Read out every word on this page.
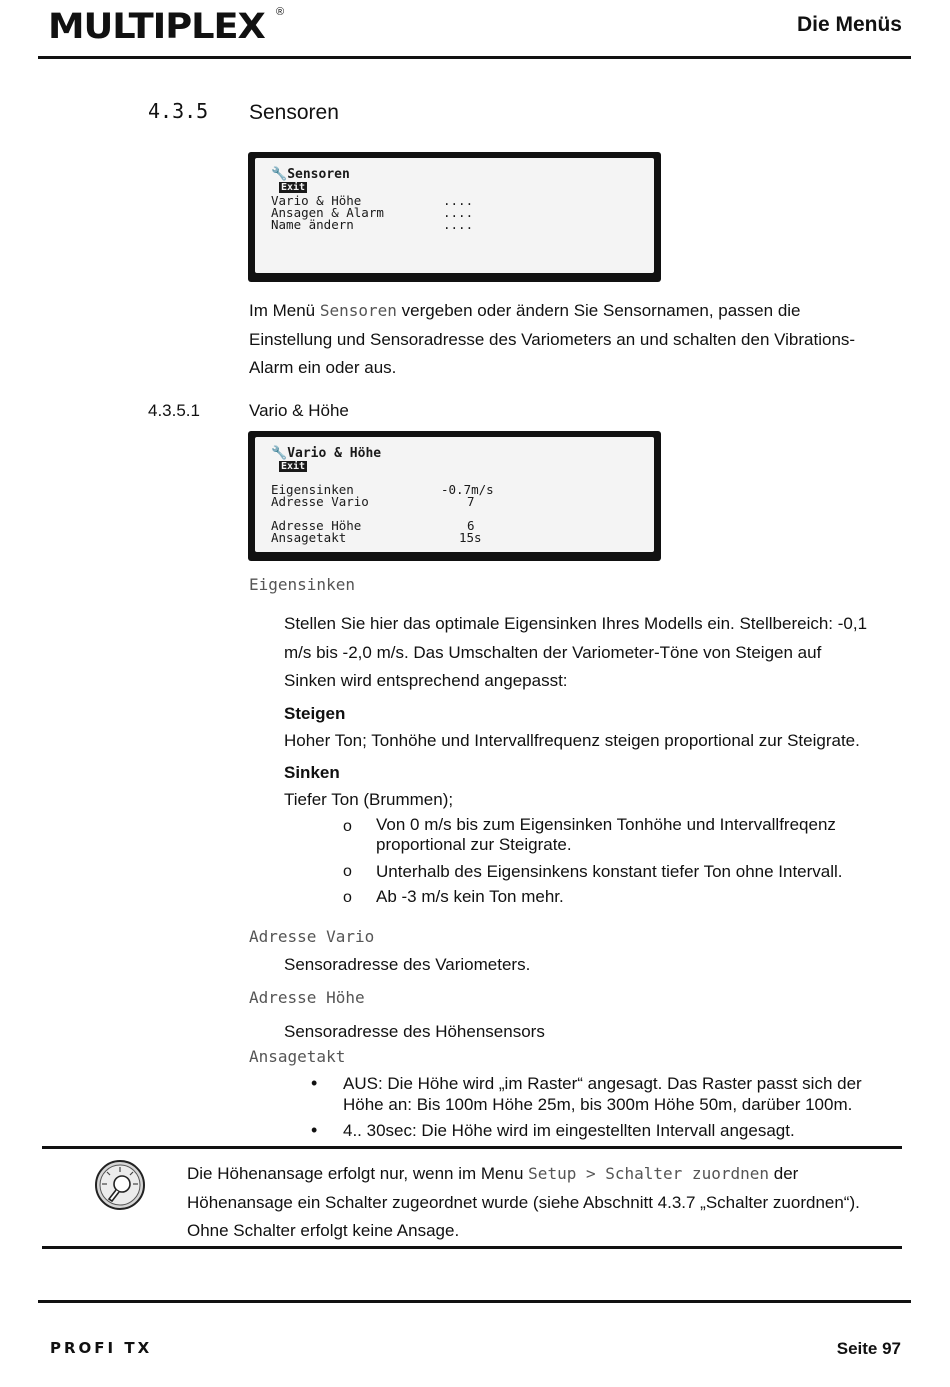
MULTIPLEX ®
Die Menüs
4.3.5 Sensoren
🔧Sensoren
Exit
Vario & Höhe	....
Ansagen & Alarm	....
Name ändern	....
Im Menü Sensoren vergeben oder ändern Sie Sensornamen, passen die
Einstellung und Sensoradresse des Variometers an und schalten den Vibrations-
Alarm ein oder aus.
4.3.5.1	Vario & Höhe
🔧Vario & Höhe
Exit
Eigensinken	-0.7m/s
Adresse Vario	7
Adresse Höhe	6
Ansagetakt	15s
Eigensinken
Stellen Sie hier das optimale Eigensinken Ihres Modells ein. Stellbereich: -0,1
m/s bis -2,0 m/s. Das Umschalten der Variometer-Töne von Steigen auf
Sinken wird entsprechend angepasst:
Steigen
Hoher Ton; Tonhöhe und Intervallfrequenz steigen proportional zur Steigrate.
Sinken
Tiefer Ton (Brummen);
o Von 0 m/s bis zum Eigensinken Tonhöhe und Intervallfreqenz
proportional zur Steigrate.
o Unterhalb des Eigensinkens konstant tiefer Ton ohne Intervall.
o Ab -3 m/s kein Ton mehr.
Adresse Vario
Sensoradresse des Variometers.
Adresse Höhe
Sensoradresse des Höhensensors
Ansagetakt
• AUS: Die Höhe wird „im Raster“ angesagt. Das Raster passt sich der
Höhe an: Bis 100m Höhe 25m, bis 300m Höhe 50m, darüber 100m.
• 4.. 30sec: Die Höhe wird im eingestellten Intervall angesagt.
Die Höhenansage erfolgt nur, wenn im Menu Setup > Schalter zuordnen der
Höhenansage ein Schalter zugeordnet wurde (siehe Abschnitt 4.3.7 „Schalter zuordnen“).
Ohne Schalter erfolgt keine Ansage.
PROFI TX	Seite 97
